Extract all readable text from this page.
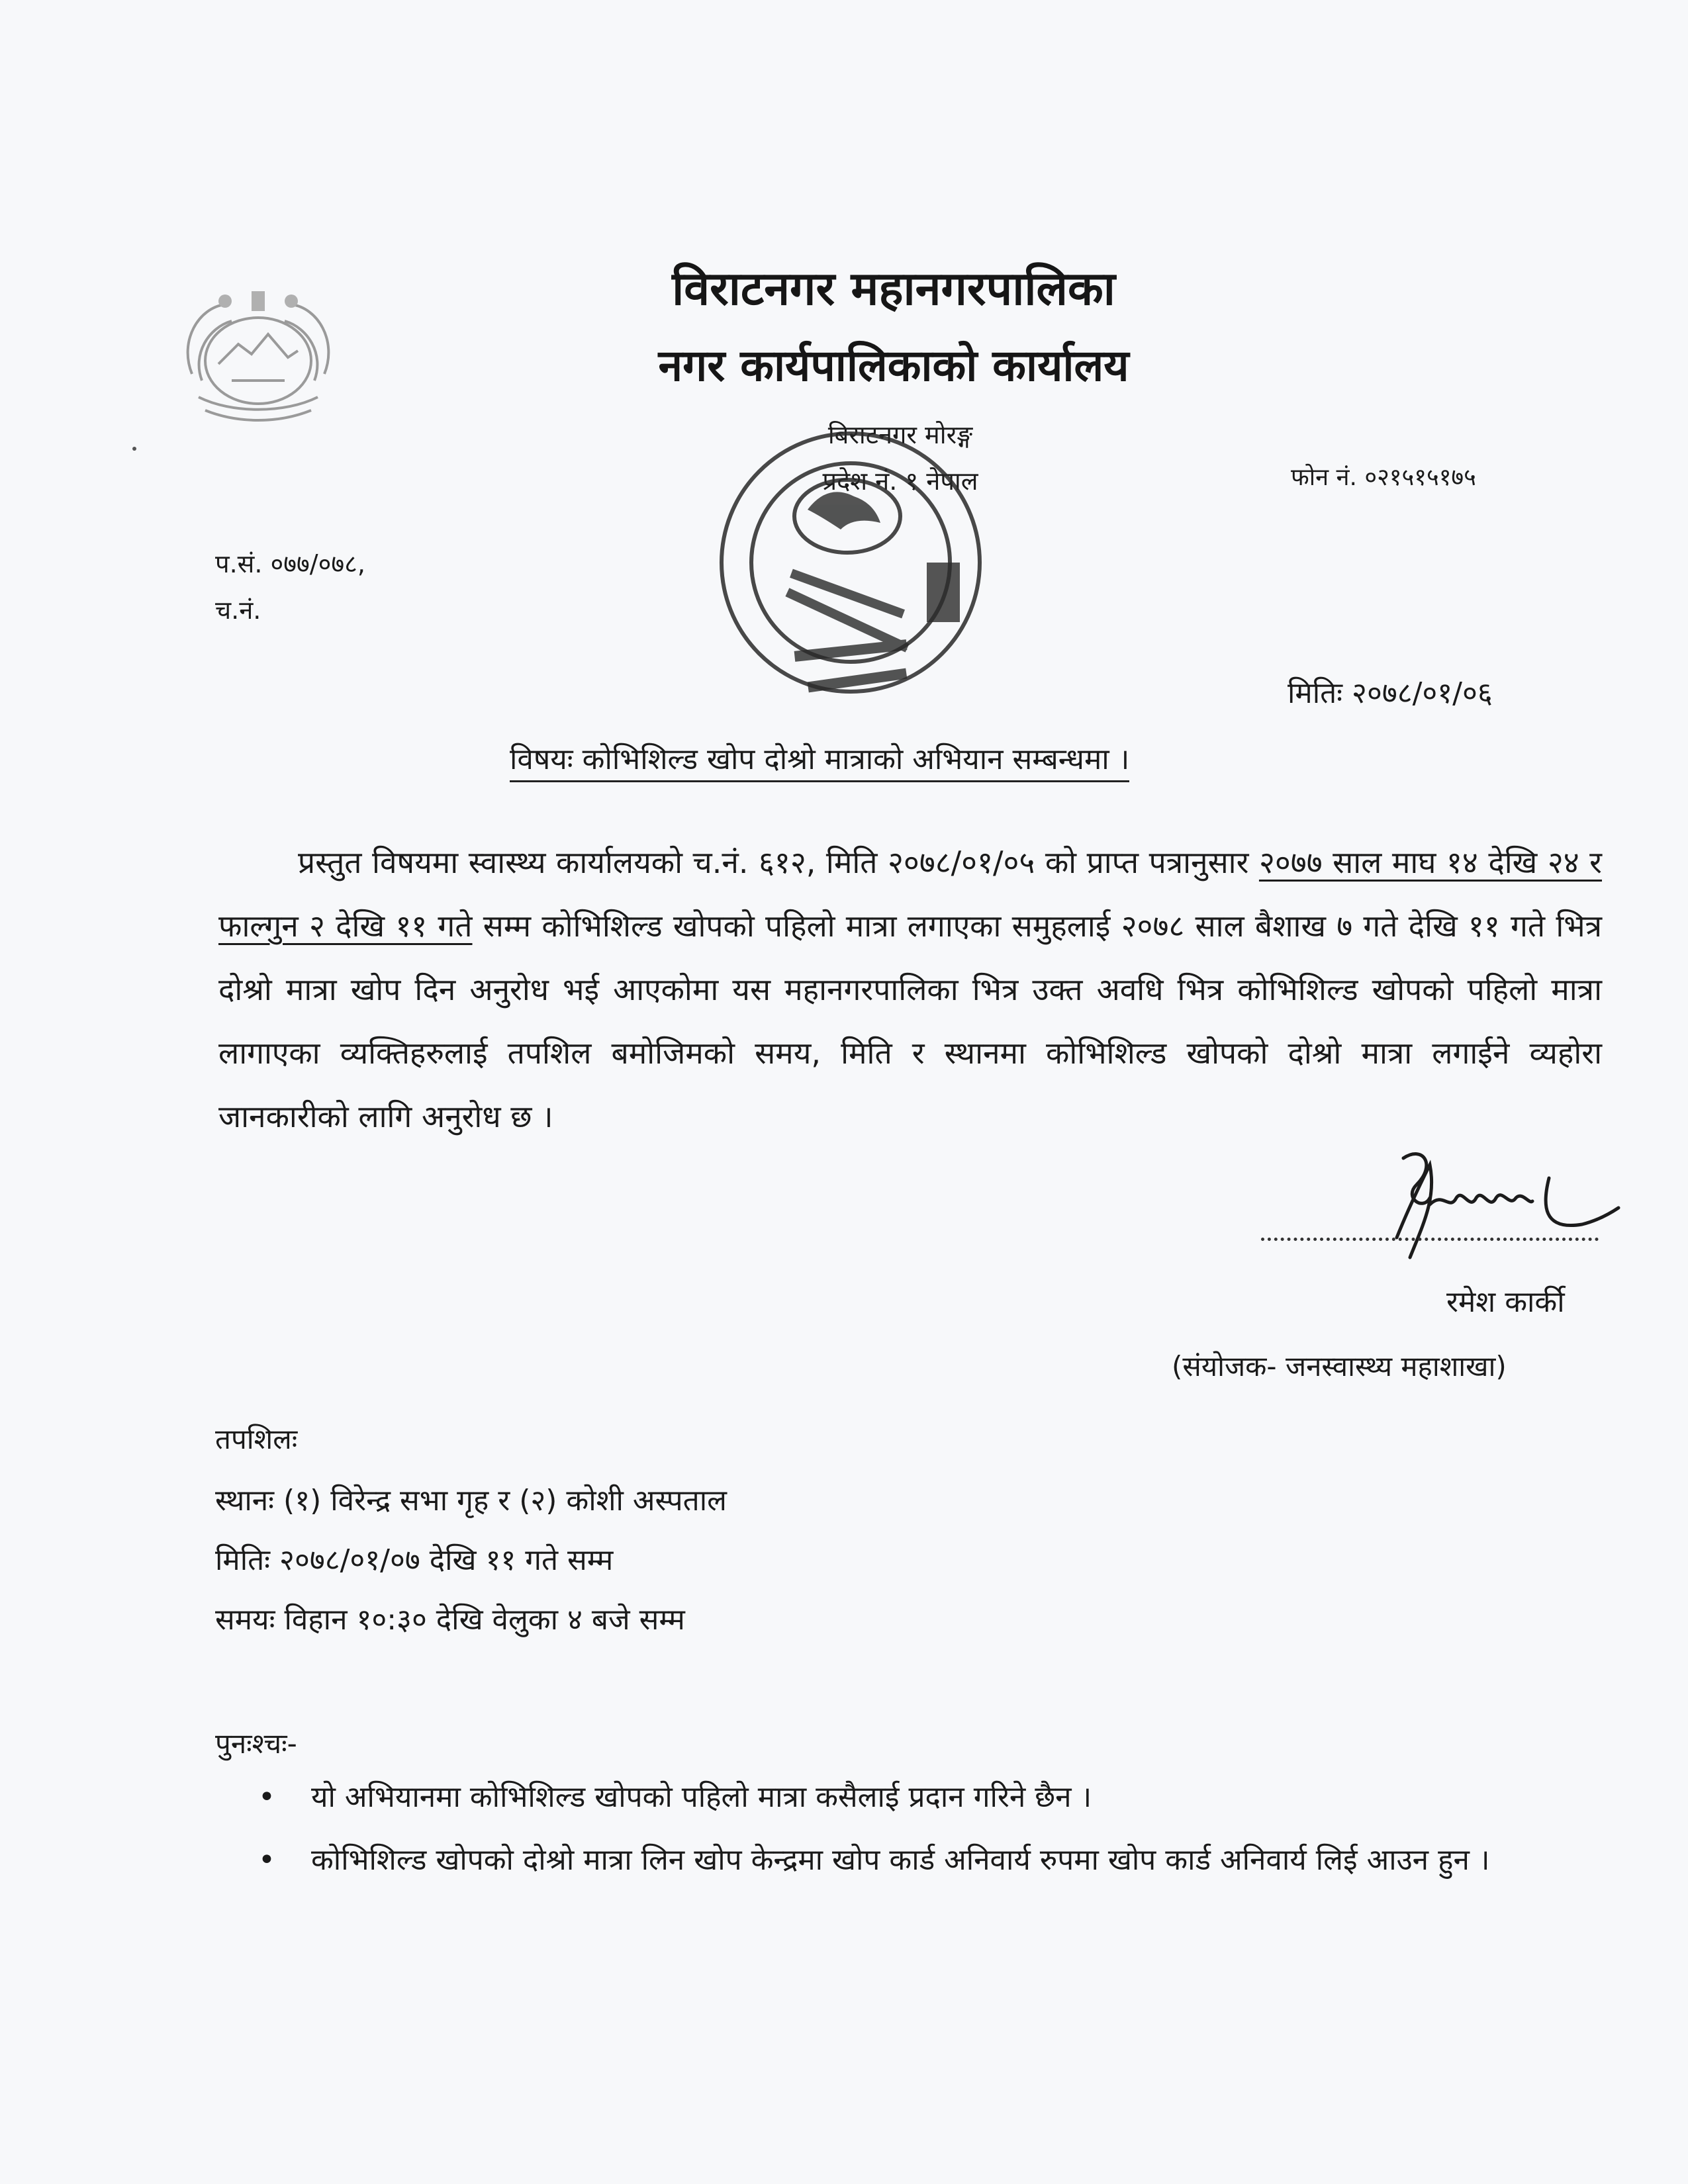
विराटनगर महानगरपालिका
नगर कार्यपालिकाको कार्यालय
बिराटनगर मोरङ्ग
प्रदेश नं. १ नेपाल	फोन नं. ०२१५१५१७५
प.सं. ०७७/०७८,
च.नं.
मितिः २०७८/०१/०६
विषयः कोभिशिल्ड खोप दोश्रो मात्राको अभियान सम्बन्धमा ।
प्रस्तुत विषयमा स्वास्थ्य कार्यालयको च.नं. ६१२, मिति २०७८/०१/०५ को प्राप्त पत्रानुसार २०७७ साल माघ १४ देखि २४ र फाल्गुन २ देखि ११ गते सम्म कोभिशिल्ड खोपको पहिलो मात्रा लगाएका समुहलाई २०७८ साल बैशाख ७ गते देखि ११ गते भित्र दोश्रो मात्रा खोप दिन अनुरोध भई आएकोमा यस महानगरपालिका भित्र उक्त अवधि भित्र कोभिशिल्ड खोपको पहिलो मात्रा लागाएका व्यक्तिहरुलाई तपशिल बमोजिमको समय, मिति र स्थानमा कोभिशिल्ड खोपको दोश्रो मात्रा लगाईने व्यहोरा जानकारीको लागि अनुरोध छ ।
रमेश कार्की
(संयोजक- जनस्वास्थ्य महाशाखा)
तपशिलः
स्थानः (१) विरेन्द्र सभा गृह र (२) कोशी अस्पताल
मितिः २०७८/०१/०७ देखि ११ गते सम्म
समयः विहान १०:३० देखि वेलुका ४ बजे सम्म
पुनःश्चः-
• यो अभियानमा कोभिशिल्ड खोपको पहिलो मात्रा कसैलाई प्रदान गरिने छैन ।
• कोभिशिल्ड खोपको दोश्रो मात्रा लिन खोप केन्द्रमा खोप कार्ड अनिवार्य रुपमा खोप कार्ड अनिवार्य लिई आउन हुन ।
